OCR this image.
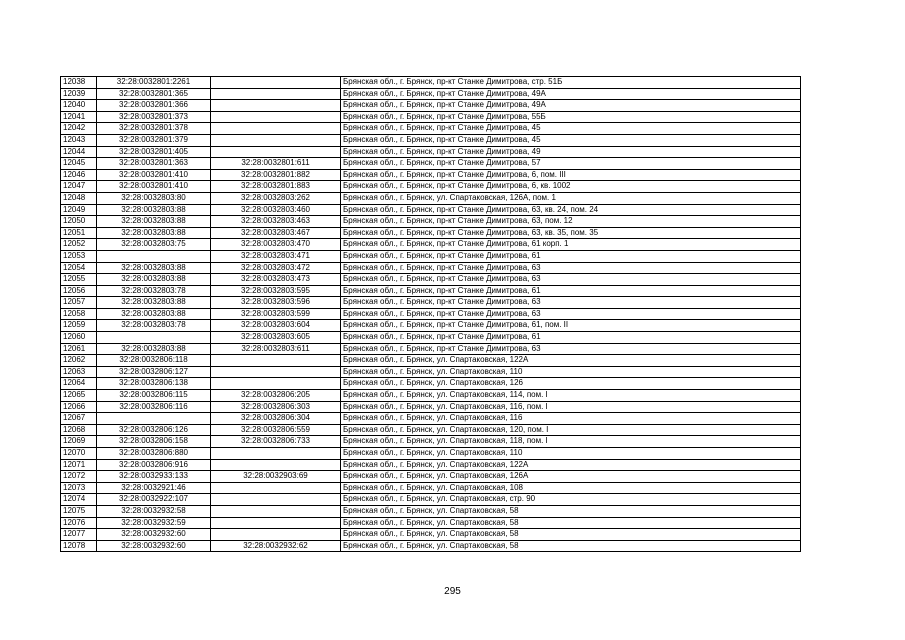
12038	32:28:0032801:2261		Брянская обл., г. Брянск, пр-кт Станке Димитрова, стр. 51Б
12039	32:28:0032801:365		Брянская обл., г. Брянск, пр-кт Станке Димитрова, 49А
12040	32:28:0032801:366		Брянская обл., г. Брянск, пр-кт Станке Димитрова, 49А
12041	32:28:0032801:373		Брянская обл., г. Брянск, пр-кт Станке Димитрова, 55Б
12042	32:28:0032801:378		Брянская обл., г. Брянск, пр-кт Станке Димитрова, 45
12043	32:28:0032801:379		Брянская обл., г. Брянск, пр-кт Станке Димитрова, 45
12044	32:28:0032801:405		Брянская обл., г. Брянск, пр-кт Станке Димитрова, 49
12045	32:28:0032801:363	32:28:0032801:611	Брянская обл., г. Брянск, пр-кт Станке Димитрова, 57
12046	32:28:0032801:410	32:28:0032801:882	Брянская обл., г. Брянск, пр-кт Станке Димитрова, 6, пом. III
12047	32:28:0032801:410	32:28:0032801:883	Брянская обл., г. Брянск, пр-кт Станке Димитрова, 6, кв. 1002
12048	32:28:0032803:80	32:28:0032803:262	Брянская обл., г. Брянск, ул. Спартаковская, 126А, пом. 1
12049	32:28:0032803:88	32:28:0032803:460	Брянская обл., г. Брянск, пр-кт Станке Димитрова, 63, кв. 24, пом. 24
12050	32:28:0032803:88	32:28:0032803:463	Брянская обл., г. Брянск, пр-кт Станке Димитрова, 63, пом. 12
12051	32:28:0032803:88	32:28:0032803:467	Брянская обл., г. Брянск, пр-кт Станке Димитрова, 63, кв. 35, пом. 35
12052	32:28:0032803:75	32:28:0032803:470	Брянская обл., г. Брянск, пр-кт Станке Димитрова, 61 корп. 1
12053		32:28:0032803:471	Брянская обл., г. Брянск, пр-кт Станке Димитрова, 61
12054	32:28:0032803:88	32:28:0032803:472	Брянская обл., г. Брянск, пр-кт Станке Димитрова, 63
12055	32:28:0032803:88	32:28:0032803:473	Брянская обл., г. Брянск, пр-кт Станке Димитрова, 63
12056	32:28:0032803:78	32:28:0032803:595	Брянская обл., г. Брянск, пр-кт Станке Димитрова, 61
12057	32:28:0032803:88	32:28:0032803:596	Брянская обл., г. Брянск, пр-кт Станке Димитрова, 63
12058	32:28:0032803:88	32:28:0032803:599	Брянская обл., г. Брянск, пр-кт Станке Димитрова, 63
12059	32:28:0032803:78	32:28:0032803:604	Брянская обл., г. Брянск, пр-кт Станке Димитрова, 61, пом. II
12060		32:28:0032803:605	Брянская обл., г. Брянск, пр-кт Станке Димитрова, 61
12061	32:28:0032803:88	32:28:0032803:611	Брянская обл., г. Брянск, пр-кт Станке Димитрова, 63
12062	32:28:0032806:118		Брянская обл., г. Брянск, ул. Спартаковская, 122А
12063	32:28:0032806:127		Брянская обл., г. Брянск, ул. Спартаковская, 110
12064	32:28:0032806:138		Брянская обл., г. Брянск, ул. Спартаковская, 126
12065	32:28:0032806:115	32:28:0032806:205	Брянская обл., г. Брянск, ул. Спартаковская, 114, пом. I
12066	32:28:0032806:116	32:28:0032806:303	Брянская обл., г. Брянск, ул. Спартаковская, 116, пом. I
12067		32:28:0032806:304	Брянская обл., г. Брянск, ул. Спартаковская, 116
12068	32:28:0032806:126	32:28:0032806:559	Брянская обл., г. Брянск, ул. Спартаковская, 120, пом. I
12069	32:28:0032806:158	32:28:0032806:733	Брянская обл., г. Брянск, ул. Спартаковская, 118, пом. I
12070	32:28:0032806:880		Брянская обл., г. Брянск, ул. Спартаковская, 110
12071	32:28:0032806:916		Брянская обл., г. Брянск, ул. Спартаковская, 122А
12072	32:28:0032933:133	32:28:0032903:69	Брянская обл., г. Брянск, ул. Спартаковская, 126А
12073	32:28:0032921:46		Брянская обл., г. Брянск, ул. Спартаковская, 108
12074	32:28:0032922:107		Брянская обл., г. Брянск, ул. Спартаковская, стр. 90
12075	32:28:0032932:58		Брянская обл., г. Брянск, ул. Спартаковская, 58
12076	32:28:0032932:59		Брянская обл., г. Брянск, ул. Спартаковская, 58
12077	32:28:0032932:60		Брянская обл., г. Брянск, ул. Спартаковская, 58
12078	32:28:0032932:60	32:28:0032932:62	Брянская обл., г. Брянск, ул. Спартаковская, 58
295
